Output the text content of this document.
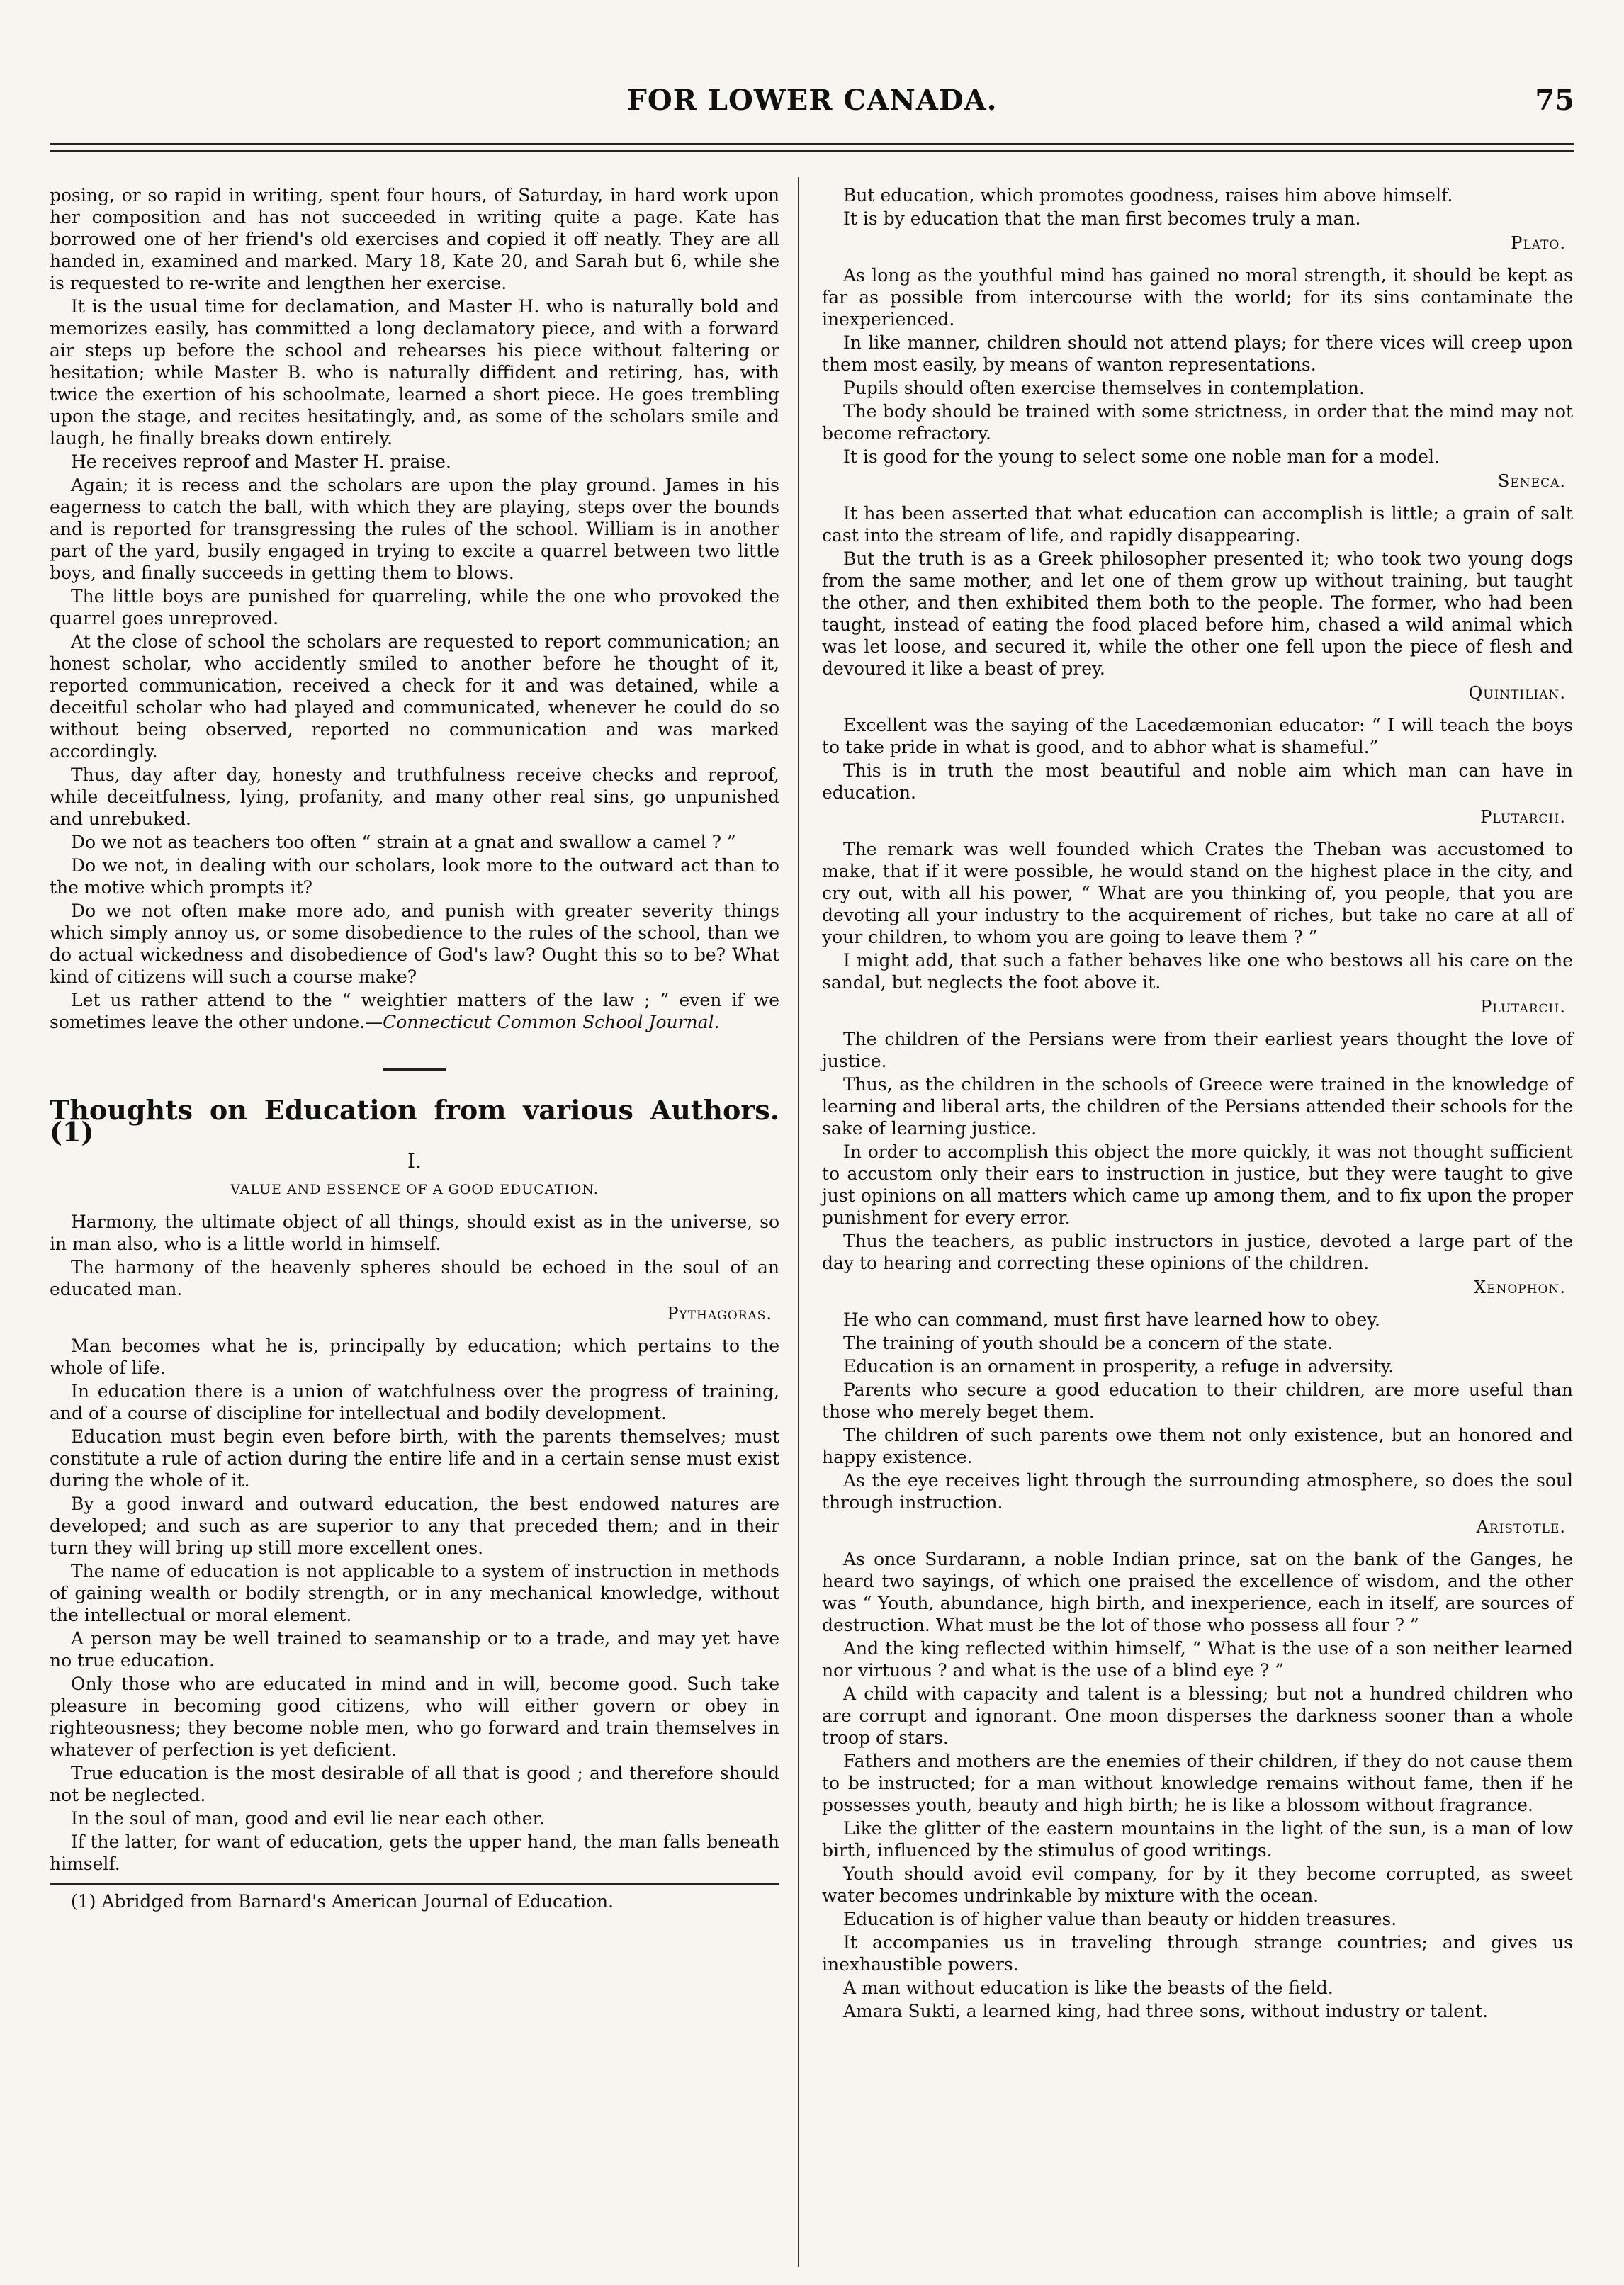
FOR LOWER CANADA.	75

posing, or so rapid in writing, spent four hours, of Saturday, in hard work upon her composition and has not succeeded in writing quite a page. Kate has borrowed one of her friend's old exercises and copied it off neatly. They are all handed in, examined and marked. Mary 18, Kate 20, and Sarah but 6, while she is requested to re-write and lengthen her exercise.

It is the usual time for declamation, and Master H. who is naturally bold and memorizes easily, has committed a long declamatory piece, and with a forward air steps up before the school and rehearses his piece without faltering or hesitation; while Master B. who is naturally diffident and retiring, has, with twice the exertion of his schoolmate, learned a short piece. He goes trembling upon the stage, and recites hesitatingly, and, as some of the scholars smile and laugh, he finally breaks down entirely.

He receives reproof and Master H. praise.

Again; it is recess and the scholars are upon the play ground. James in his eagerness to catch the ball, with which they are playing, steps over the bounds and is reported for transgressing the rules of the school. William is in another part of the yard, busily engaged in trying to excite a quarrel between two little boys, and finally succeeds in getting them to blows.

The little boys are punished for quarreling, while the one who provoked the quarrel goes unreproved.

At the close of school the scholars are requested to report communication; an honest scholar, who accidently smiled to another before he thought of it, reported communication, received a check for it and was detained, while a deceitful scholar who had played and communicated, whenever he could do so without being observed, reported no communication and was marked accordingly.

Thus, day after day, honesty and truthfulness receive checks and reproof, while deceitfulness, lying, profanity, and many other real sins, go unpunished and unrebuked.

Do we not as teachers too often “ strain at a gnat and swallow a camel ? ”

Do we not, in dealing with our scholars, look more to the outward act than to the motive which prompts it?

Do we not often make more ado, and punish with greater severity things which simply annoy us, or some disobedience to the rules of the school, than we do actual wickedness and disobedience of God's law? Ought this so to be? What kind of citizens will such a course make?

Let us rather attend to the “ weightier matters of the law ; ” even if we sometimes leave the other undone.—Connecticut Common School Journal.

Thoughts on Education from various Authors. (1)
I.
VALUE AND ESSENCE OF A GOOD EDUCATION.

Harmony, the ultimate object of all things, should exist as in the universe, so in man also, who is a little world in himself.

The harmony of the heavenly spheres should be echoed in the soul of an educated man.

Pythagoras.

Man becomes what he is, principally by education; which pertains to the whole of life.

In education there is a union of watchfulness over the progress of training, and of a course of discipline for intellectual and bodily development.

Education must begin even before birth, with the parents themselves; must constitute a rule of action during the entire life and in a certain sense must exist during the whole of it.

By a good inward and outward education, the best endowed natures are developed; and such as are superior to any that preceded them; and in their turn they will bring up still more excellent ones.

The name of education is not applicable to a system of instruction in methods of gaining wealth or bodily strength, or in any mechanical knowledge, without the intellectual or moral element.

A person may be well trained to seamanship or to a trade, and may yet have no true education.

Only those who are educated in mind and in will, become good. Such take pleasure in becoming good citizens, who will either govern or obey in righteousness; they become noble men, who go forward and train themselves in whatever of perfection is yet deficient.

True education is the most desirable of all that is good ; and therefore should not be neglected.

In the soul of man, good and evil lie near each other.

If the latter, for want of education, gets the upper hand, the man falls beneath himself.

(1) Abridged from Barnard's American Journal of Education.

But education, which promotes goodness, raises him above himself.

It is by education that the man first becomes truly a man.

Plato.

As long as the youthful mind has gained no moral strength, it should be kept as far as possible from intercourse with the world; for its sins contaminate the inexperienced.

In like manner, children should not attend plays; for there vices will creep upon them most easily, by means of wanton representations.

Pupils should often exercise themselves in contemplation.

The body should be trained with some strictness, in order that the mind may not become refractory.

It is good for the young to select some one noble man for a model.

Seneca.

It has been asserted that what education can accomplish is little; a grain of salt cast into the stream of life, and rapidly disappearing.

But the truth is as a Greek philosopher presented it; who took two young dogs from the same mother, and let one of them grow up without training, but taught the other, and then exhibited them both to the people. The former, who had been taught, instead of eating the food placed before him, chased a wild animal which was let loose, and secured it, while the other one fell upon the piece of flesh and devoured it like a beast of prey.

Quintilian.

Excellent was the saying of the Lacedæmonian educator: “ I will teach the boys to take pride in what is good, and to abhor what is shameful.”

This is in truth the most beautiful and noble aim which man can have in education.

Plutarch.

The remark was well founded which Crates the Theban was accustomed to make, that if it were possible, he would stand on the highest place in the city, and cry out, with all his power, “ What are you thinking of, you people, that you are devoting all your industry to the acquirement of riches, but take no care at all of your children, to whom you are going to leave them ? ”

I might add, that such a father behaves like one who bestows all his care on the sandal, but neglects the foot above it.

Plutarch.

The children of the Persians were from their earliest years thought the love of justice.

Thus, as the children in the schools of Greece were trained in the knowledge of learning and liberal arts, the children of the Persians attended their schools for the sake of learning justice.

In order to accomplish this object the more quickly, it was not thought sufficient to accustom only their ears to instruction in justice, but they were taught to give just opinions on all matters which came up among them, and to fix upon the proper punishment for every error.

Thus the teachers, as public instructors in justice, devoted a large part of the day to hearing and correcting these opinions of the children.

Xenophon.

He who can command, must first have learned how to obey.

The training of youth should be a concern of the state.

Education is an ornament in prosperity, a refuge in adversity.

Parents who secure a good education to their children, are more useful than those who merely beget them.

The children of such parents owe them not only existence, but an honored and happy existence.

As the eye receives light through the surrounding atmosphere, so does the soul through instruction.

Aristotle.

As once Surdarann, a noble Indian prince, sat on the bank of the Ganges, he heard two sayings, of which one praised the excellence of wisdom, and the other was “ Youth, abundance, high birth, and inexperience, each in itself, are sources of destruction. What must be the lot of those who possess all four ? ”

And the king reflected within himself, “ What is the use of a son neither learned nor virtuous ? and what is the use of a blind eye ? ”

A child with capacity and talent is a blessing; but not a hundred children who are corrupt and ignorant. One moon disperses the darkness sooner than a whole troop of stars.

Fathers and mothers are the enemies of their children, if they do not cause them to be instructed; for a man without knowledge remains without fame, then if he possesses youth, beauty and high birth; he is like a blossom without fragrance.

Like the glitter of the eastern mountains in the light of the sun, is a man of low birth, influenced by the stimulus of good writings.

Youth should avoid evil company, for by it they become corrupted, as sweet water becomes undrinkable by mixture with the ocean.

Education is of higher value than beauty or hidden treasures.

It accompanies us in traveling through strange countries; and gives us inexhaustible powers.

A man without education is like the beasts of the field.

Amara Sukti, a learned king, had three sons, without industry or talent.
